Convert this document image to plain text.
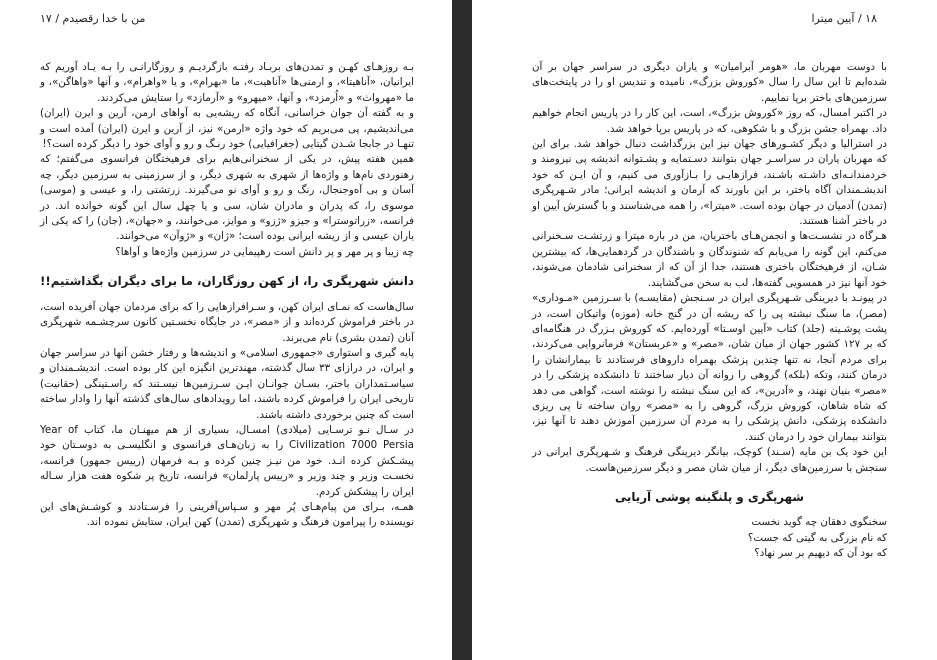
من با خدا رقصیدم / ۱۷

بـه روزهـای کهـن و تمدن‌های بربـاد رفتـه بازگردیـم و روزگارانـی را بـه یـاد آوریم که ایرانیان، «آناهیتا»، و ارمنی‌ها «آناهیت»، ما «بهرام»، و یا «واهرام»، و آنها «واهاگن»، و ما «مهرواث» و «اُرمزد»، و آنها، «میهرو» و «آرمازد» را ستایش می‌کردند.

و به گفته آن جوان خراسانی، آنگاه که ریشه‌یی به آواهای ارمن، آرین و ایرن (ایران) می‌اندیشیم، پی می‌بریم که خود واژه «ارمن» نیز، از آرین و ایرن (ایران) آمده است و تنهـا در جابجا شـدن گیتایی (جغرافیایی) خود رنـگ و رو و آوای خود را دیگر کرده است؟!

همین هفته پیش، در یکی از سخنرانی‌هایم برای فرهیختگان فرانسوی می‌گفتم؛ که رهنوردی نام‌ها و واژه‌ها از شهری به شهری دیگر، و از سرزمینی به سرزمین دیگر، چه آسان و بی آه‌وجنجال، رنگ و رو و آوای نو می‌گیرند. زرتشتی را، و عیسی و (موسی) موسوی را، که پدران و مادران شان، سی و یا چهل سال این گونه خوانده اند. در فرانسه، «زراتوسترا» و جیزو «ژزو» و موایز، می‌خوانند، و «جهان»، (جان) را که یکی از یاران عیسی و از ریشه ایرانی بوده است؛ «ژان» و «ژوآن» می‌خوانند.

چه زیبا و پر مهر و پر دانش است رهپیمایی در سرزمین واژه‌ها و آواها؟

دانش شهرپگری را، از کهن روزگاران، ما برای دیگران بگذاشتیم!!

سال‌هاست که نمـای ایران کهن، و سـرافرازهایی را که برای مردمان جهان آفریده است، در باختر فراموش کرده‌اند و از «مصر»، در جایگاه نخسـتین کانون سرچشـمه شهرپگری آنان (تمدن بشری) نام می‌برند.

پایه گیری و استواری «جمهوری اسلامی» و اندیشه‌ها و رفتار خشن آنها در سراسر جهان و ایران، در درازای ۳۳ سال گذشته، مهندترین انگیزه این کار بوده است. اندیشـمندان و سیاسـتمداران باختر، بسـان جوانـان ایـن سـرزمین‌ها نیسـتند که راسـتینگی (حقانیت) تاریخی ایران را فراموش کرده باشند، اما رویدادهای سال‌های گذشته آنها را وادار ساخته است که چنین برخوردی داشته باشند.

در سـال نـو ترسـایی (میلادی) امسـال، بسیاری از هم میهنـان ما، کتاب Year of Civilization 7000 Persia را به زبان‌هـای فرانسوی و انگلیسـی به دوسـتان خود پیشـکش کرده انـد. خود من نیـز چنین کرده و بـه فرمهان (رییس جمهور) فرانسه، نخسـت وزیر و چند وزیر و «رییس پارلمان» فرانسه، تاریخ پر شکوه هفت هزار سـاله ایران را پیشکش کردم.

همـه، بـرای من پیام‌هـای پُر مهر و سـپاس‌آفرینی را فرسـتادند و کوشـش‌های این نویسنده را پیرامون فرهنگ و شهرپگری (تمدن) کهن ایران، ستایش نموده اند.

۱۸ / آیین میترا

با دوست مهربان ما، «هومر آبرامیان» و یاران دیگری در سراسر جهان بر آن شده‌ایم تا این سال را سال «کوروش بزرگ»، نامیده و تندیس او را در پایتخت‌های سرزمین‌های باختر برپا نماییم.

در اکتبر امسال، که روز «کوروش بزرگ»، است، این کار را در پاریس انجام خواهیم داد. بهمراه جشن بزرگ و با شکوهی، که در پاریس برپا خواهد شد.

در استرالیا و دیگر کشـورهای جهان نیز این بزرگداشت دنبال خواهد شد. برای این که مهربان یاران در سراسـر جهان بتوانند دسـتمایه و پشـتوانه اندیشه پی نیرومند و خردمندانـه‌ای داشـته باشـند، فرازهایـی را بـازآوری می کنیم، و آن ایـن که خود اندیشـمندان آگاه باختر، بر این باورند که آرمان و اندیشه ایرانی؛ مادر شـهرپگری (تمدن) آدمیان در جهان بوده است. «میترا»، را همه می‌شناسند و با گسترش آیین او در باختر آشنا هستند.

هـرگاه در نشسـت‌ها و انجمن‌هـای باختریان، من در باره میترا و زرتشـت سـخنرانی می‌کنم، این گونه را می‌یابم که شنوندگان و باشندگان در گردهمایی‌ها، که بیشترین شـان، از فرهیختگان باختری هستند، جدا از آن که از سخنرانی شادمان می‌شوند، خود آنها نیز در همسویی گفته‌ها، لب به سخن می‌گشایند.

در پیونـد با دیرینگی شـهرپگری ایران در سـنجش (مقایسـه) با سـرزمین «مـوداری» (مصر)، ما سنگ نبشته پی را که ریشه آن در گنج خانه (موزه) واتیکان است، در پشت پوشـینه (جلد) کتاب «آیین اوسـتا» آورده‌ایم. که کوروش بـزرگ در هنگامه‌ای که بر ۱۲۷ کشور جهان از میان شان، «مصر» و «عربستان» فرمانروایی می‌کردند، برای مردم آنجا، نه تنها چندین پزشک بهمراه داروهای فرستادند تا بیمارانشان را درمان کنند، وتکه (بلکه) گروهی را روانه آن دیار ساختند تا دانشکده پزشکی را در «مصر» بنیان نهند، و «آدرین»، که این سنگ نبشته را نوشته است، گواهی می دهد که شاه شاهان، کوروش بزرگ، گروهی را به «مصر» روان ساخته تا پی ریزی دانشکده پزشکی، دانش پزشکی را به مردم آن سرزمین آموزش دهند تا آنها نیز، بتوانند بیماران خود را درمان کنند.

این خود یک بن مایه (سـند) کوچک، بیانگر دیرینگی فرهنگ و شـهرپگری ایرانی در سنجش با سرزمین‌های دیگر، از میان شان مصر و دیگر سرزمین‌هاست.

شهرپگری و پلنگینه پوشی آریایی

سخنگوی دهقان چه گوید نخست

که نام بزرگی به گیتی که جست؟

که بود آن که دیهیم بر سر نهاد؟
